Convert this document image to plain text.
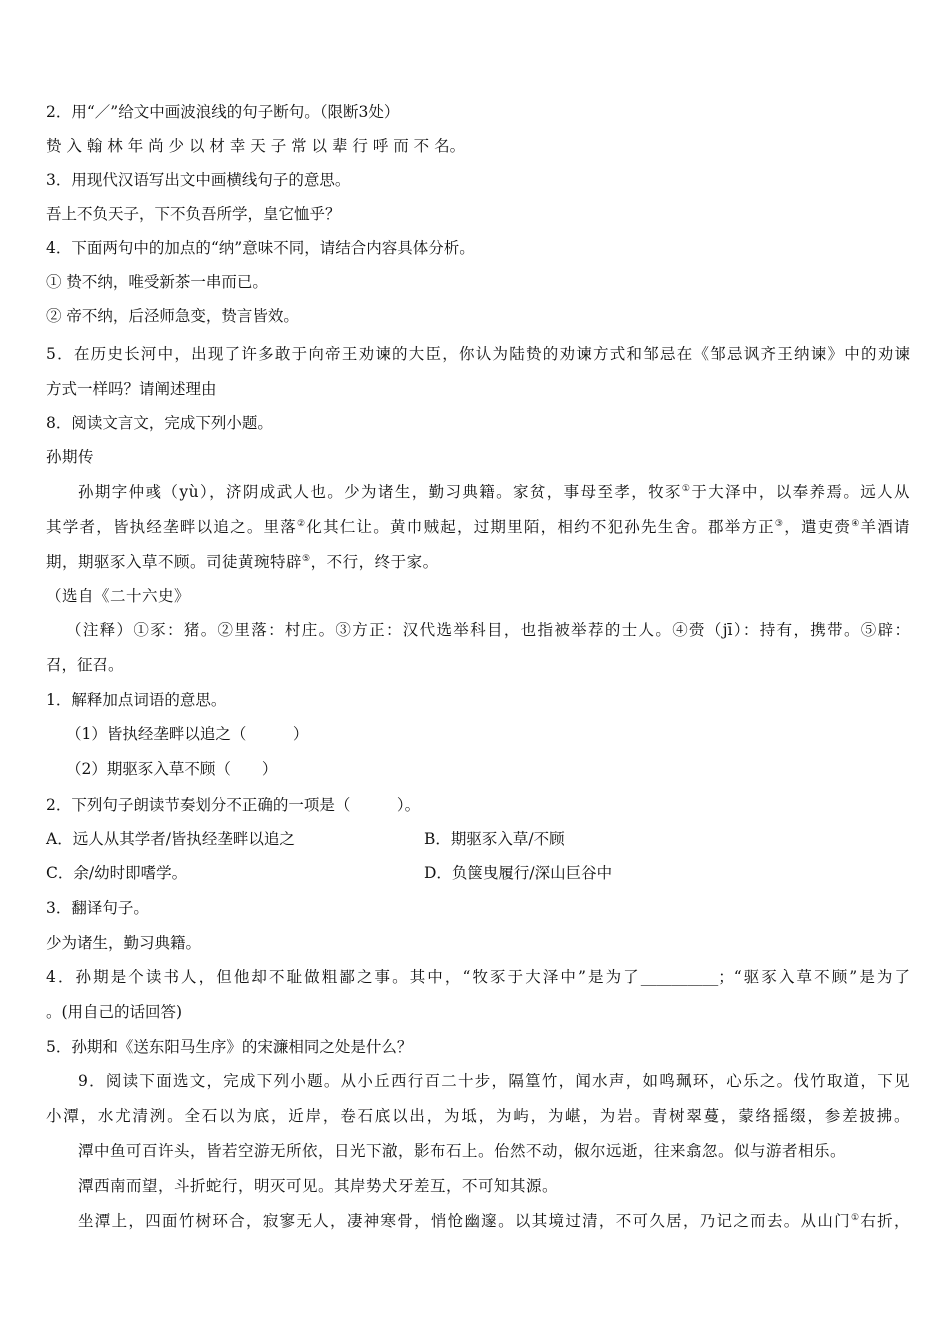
2．用“／”给文中画波浪线的句子断句。（限断3处）
贽 入 翰 林 年 尚 少 以 材 幸 天 子 常 以 辈 行 呼 而 不 名。
3．用现代汉语写出文中画横线句子的意思。
吾上不负天子，下不负吾所学，皇它恤乎？
4．下面两句中的加点的“纳”意味不同，请结合内容具体分析。
① 贽不纳，唯受新茶一串而已。
② 帝不纳，后泾师急变，贽言皆效。
5．在历史长河中，出现了许多敢于向帝王劝谏的大臣，你认为陆贽的劝谏方式和邹忌在《邹忌讽齐王纳谏》中的劝谏
方式一样吗？请阐述理由
8．阅读文言文，完成下列小题。
孙期传
孙期字仲彧（yù），济阴成武人也。少为诸生，勤习典籍。家贫，事母至孝，牧豕①于大泽中，以奉养焉。远人从
其学者，皆执经垄畔以追之。里落②化其仁让。黄巾贼起，过期里陌，相约不犯孙先生舍。郡举方正③，遣吏赍④羊酒请
期，期驱豕入草不顾。司徒黄琬特辟⑤，不行，终于家。
（选自《二十六史》
（注释）①豕：猪。②里落：村庄。③方正：汉代选举科目，也指被举荐的士人。④赍（jī）：持有，携带。⑤辟：
召，征召。
1．解释加点词语的意思。
（1）皆执经垄畔以追之（　　　）
（2）期驱豕入草不顾（　　）
2．下列句子朗读节奏划分不正确的一项是（　　　）。
A．远人从其学者/皆执经垄畔以追之	B．期驱豕入草/不顾
C．余/幼时即嗜学。	D．负箧曳履行/深山巨谷中
3．翻译句子。
少为诸生，勤习典籍。
4．孙期是个读书人，但他却不耻做粗鄙之事。其中，“牧豕于大泽中”是为了__________；“驱豕入草不顾”是为了
。(用自己的话回答)
5．孙期和《送东阳马生序》的宋濂相同之处是什么？
9．阅读下面选文，完成下列小题。从小丘西行百二十步，隔篁竹，闻水声，如鸣珮环，心乐之。伐竹取道，下见
小潭，水尤清洌。全石以为底，近岸，卷石底以出，为坻，为屿，为嵁，为岩。青树翠蔓，蒙络摇缀，参差披拂。
潭中鱼可百许头，皆若空游无所依，日光下澈，影布石上。佁然不动，俶尔远逝，往来翕忽。似与游者相乐。
潭西南而望，斗折蛇行，明灭可见。其岸势犬牙差互，不可知其源。
坐潭上，四面竹树环合，寂寥无人，凄神寒骨，悄怆幽邃。以其境过清，不可久居，乃记之而去。从山门①右折，
